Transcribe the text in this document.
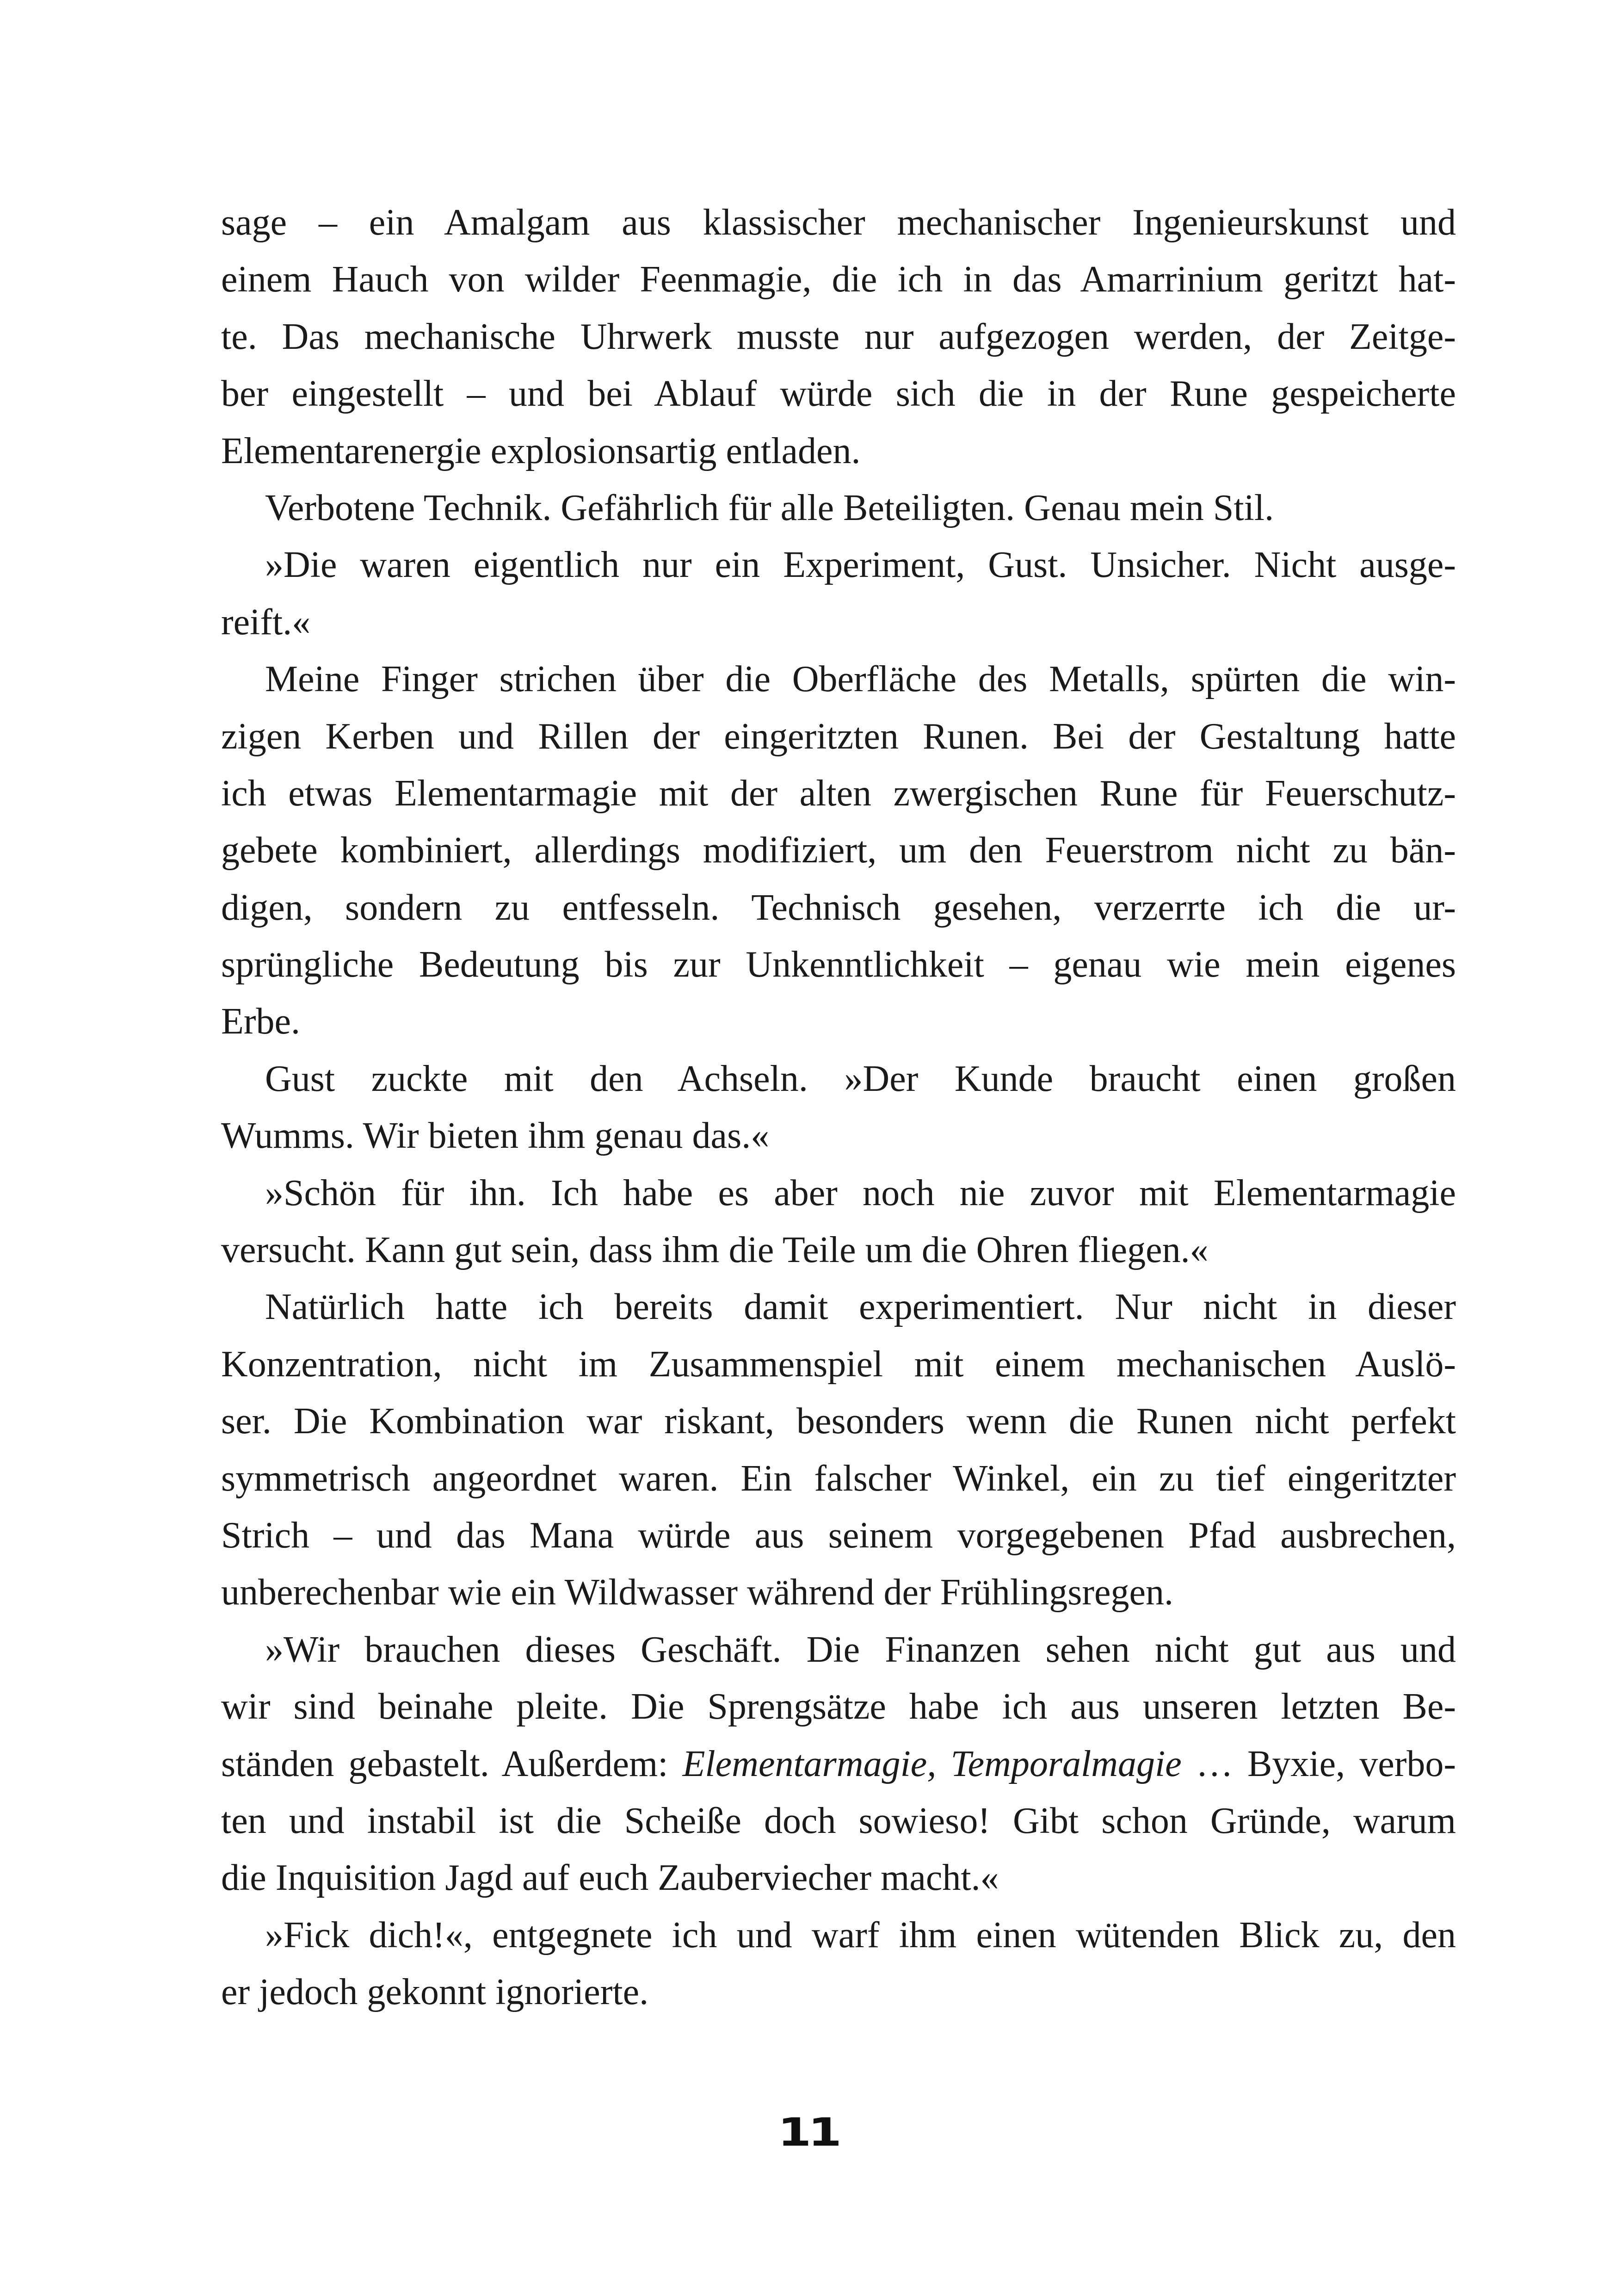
sage – ein Amalgam aus klassischer mechanischer Ingenieurskunst und
einem Hauch von wilder Feenmagie, die ich in das Amarrinium geritzt hat-
te. Das mechanische Uhrwerk musste nur aufgezogen werden, der Zeitge-
ber eingestellt – und bei Ablauf würde sich die in der Rune gespeicherte
Elementarenergie explosionsartig entladen.
Verbotene Technik. Gefährlich für alle Beteiligten. Genau mein Stil.
»Die waren eigentlich nur ein Experiment, Gust. Unsicher. Nicht ausge-
reift.«
Meine Finger strichen über die Oberfläche des Metalls, spürten die win-
zigen Kerben und Rillen der eingeritzten Runen. Bei der Gestaltung hatte
ich etwas Elementarmagie mit der alten zwergischen Rune für Feuerschutz-
gebete kombiniert, allerdings modifiziert, um den Feuerstrom nicht zu bän-
digen, sondern zu entfesseln. Technisch gesehen, verzerrte ich die ur-
sprüngliche Bedeutung bis zur Unkenntlichkeit – genau wie mein eigenes
Erbe.
Gust zuckte mit den Achseln. »Der Kunde braucht einen großen
Wumms. Wir bieten ihm genau das.«
»Schön für ihn. Ich habe es aber noch nie zuvor mit Elementarmagie
versucht. Kann gut sein, dass ihm die Teile um die Ohren fliegen.«
Natürlich hatte ich bereits damit experimentiert. Nur nicht in dieser
Konzentration, nicht im Zusammenspiel mit einem mechanischen Auslö-
ser. Die Kombination war riskant, besonders wenn die Runen nicht perfekt
symmetrisch angeordnet waren. Ein falscher Winkel, ein zu tief eingeritzter
Strich – und das Mana würde aus seinem vorgegebenen Pfad ausbrechen,
unberechenbar wie ein Wildwasser während der Frühlingsregen.
»Wir brauchen dieses Geschäft. Die Finanzen sehen nicht gut aus und
wir sind beinahe pleite. Die Sprengsätze habe ich aus unseren letzten Be-
ständen gebastelt. Außerdem: Elementarmagie, Temporalmagie … Byxie, verbo-
ten und instabil ist die Scheiße doch sowieso! Gibt schon Gründe, warum
die Inquisition Jagd auf euch Zauberviecher macht.«
»Fick dich!«, entgegnete ich und warf ihm einen wütenden Blick zu, den
er jedoch gekonnt ignorierte.
11
